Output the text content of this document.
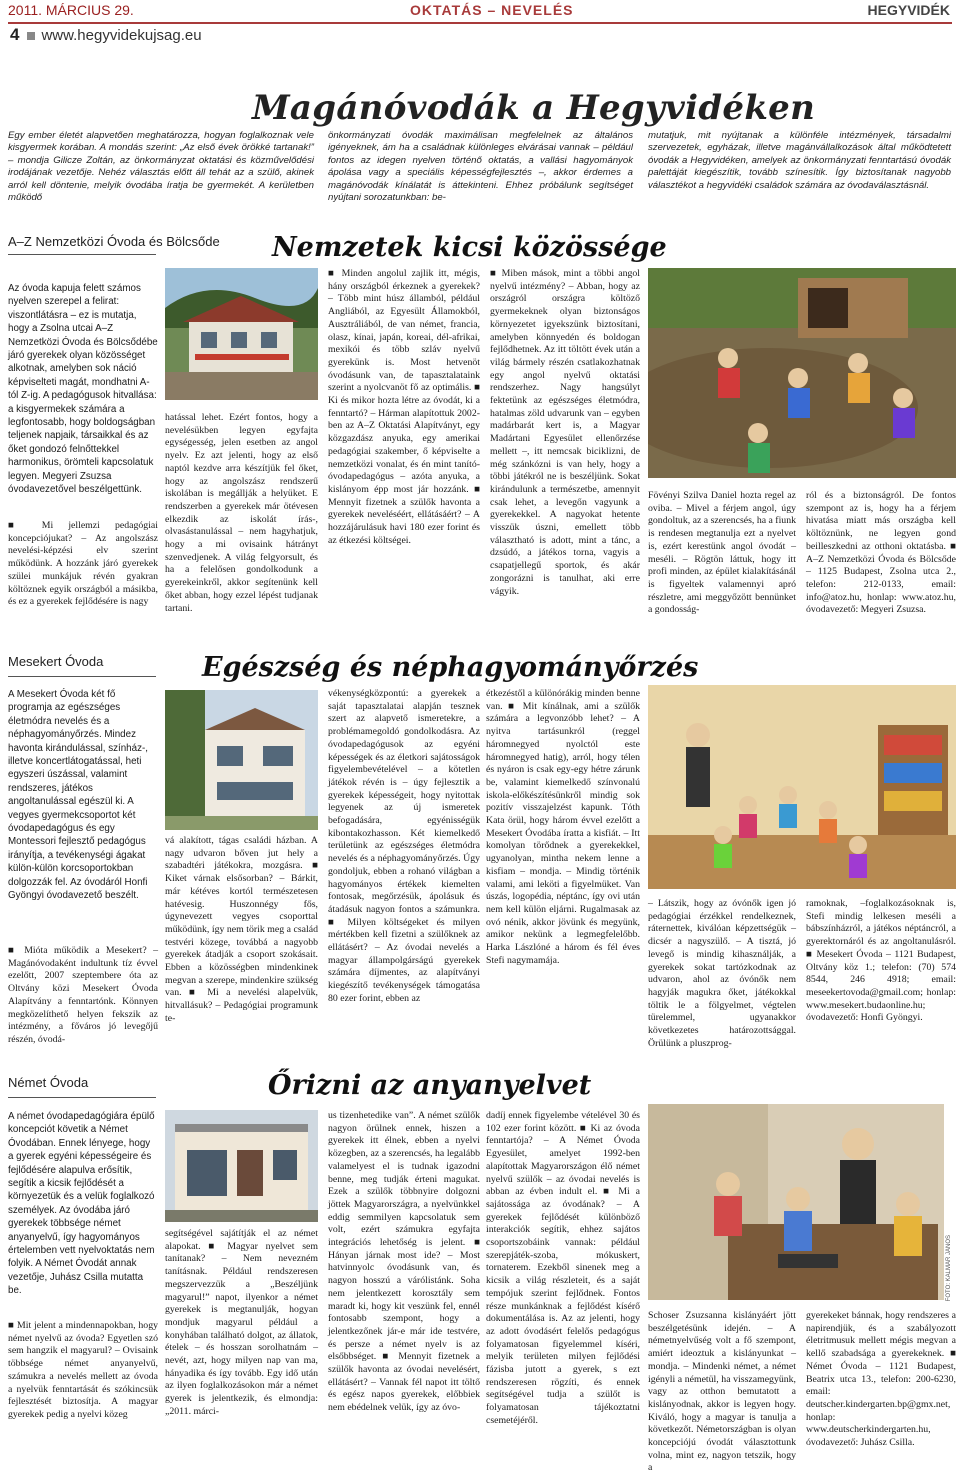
2011. MÁRCIUS 29.	OKTATÁS – NEVELÉS	HEGYVIDÉK
4 www.hegyvidekujsag.eu
Magánóvodák a Hegyvidéken
Egy ember életét alapvetően meghatározza, hogyan foglalkoznak vele kisgyermek korában. A mondás szerint: „Az első évek örökké tartanak!” – mondja Gilicze Zoltán, az önkormányzat oktatási és közművelődési irodájának vezetője. Nehéz választás előtt áll tehát az a szülő, akinek arról kell döntenie, melyik óvodába íratja be gyermekét. A kerületben működő
önkormányzati óvodák maximálisan megfelelnek az általános igényeknek, ám ha a családnak különleges elvárásai vannak – például fontos az idegen nyelven történő oktatás, a vallási hagyományok ápolása vagy a speciális képességfejlesztés –, akkor érdemes a magánóvodák kínálatát is áttekinteni. Ehhez próbálunk segítséget nyújtani sorozatunkban: be-
mutatjuk, mit nyújtanak a különféle intézmények, társadalmi szervezetek, egyházak, illetve magánvállalkozások által működtetett óvodák a Hegyvidéken, amelyek az önkormányzati fenntartású óvodák palettáját kiegészítik, tovább színesítik. Így biztosítanak nagyobb választékot a hegyvidéki családok számára az óvodaválasztásnál.
A–Z Nemzetközi Óvoda és Bölcsőde Nemzetek kicsi közössége
Az óvoda kapuja felett számos nyelven szerepel a felirat: viszontlátásra – ez is mutatja, hogy a Zsolna utcai A–Z Nemzetközi Óvoda és Bölcsődébe járó gyerekek olyan közösséget alkotnak, amelyben sok náció képviselteti magát, mondhatni A-tól Z-ig. A pedagógusok hitvallása: a kisgyermekek számára a legfontosabb, hogy boldogságban teljenek napjaik, társaikkal és az őket gondozó felnőttekkel harmonikus, örömteli kapcsolatuk legyen. Megyeri Zsuzsa óvodavezetővel beszélgettünk.
■ Mi jellemzi pedagógiai koncepciójukat? – Az angolszász nevelési-képzési elv szerint működünk. A hozzánk járó gyerekek szülei munkájuk révén gyakran költöznek egyik országból a másikba, és ez a gyerekek fejlődésére is nagy
hatással lehet. Ezért fontos, hogy a nevelésükben legyen egyfajta egységesség, jelen esetben az angol nyelv. Ez azt jelenti, hogy az első naptól kezdve arra készítjük fel őket, hogy az angolszász rendszerű iskolában is megállják a helyüket. E rendszerben a gyerekek már ötévesen elkezdik az iskolát írás-, olvasástanulással – nem hagyhatjuk, hogy a mi ovisaink hátrányt szenvedjenek. A világ felgyorsult, és ha a felelősen gondolkodunk a gyerekeinkről, akkor segítenünk kell őket abban, hogy ezzel lépést tudjanak tartani.
■ Minden angolul zajlik itt, mégis, hány országból érkeznek a gyerekek? – Több mint húsz államból, például Angliából, az Egyesült Államokból, Ausztráliából, de van német, francia, olasz, kínai, japán, koreai, dél-afrikai, mexikói és több szláv nyelvű gyerekünk is. Most hetvenöt óvodásunk van, de tapasztalataink szerint a nyolcvanöt fő az optimális. ■ Ki és mikor hozta létre az óvodát, ki a fenntartó? – Hárman alapítottuk 2002-ben az A–Z Oktatási Alapítványt, egy közgazdász anyuka, egy amerikai pedagógiai szakember, ő képviselte a nemzetközi vonalat, és én mint tanító-óvodapedagógus – azóta anyuka, a kislányom épp most jár hozzánk. ■ Mennyit fizetnek a szülők havonta a gyerekek neveléséért, ellátásáért? – A hozzájárulásuk havi 180 ezer forint és az étkezési költségei.
■ Miben mások, mint a többi angol nyelvű intézmény? – Abban, hogy az országról országra költöző gyermekeknek olyan biztonságos környezetet igyekszünk biztosítani, amelyben könnyedén és boldogan fejlődhetnek. Az itt töltött évek után a világ bármely részén csatlakozhatnak egy angol nyelvű oktatási rendszerhez. Nagy hangsúlyt fektetünk az egészséges életmódra, hatalmas zöld udvarunk van – egyben madárbarát kert is, a Magyar Madártani Egyesület ellenőrzése mellett –, itt nemcsak biciklizni, de még szánkózni is van hely, hogy a többi játékról ne is beszéljünk. Sokat kirándulunk a természetbe, amennyit csak lehet, a levegőn vagyunk a gyerekekkel. A nagyokat hetente visszük úszni, emellett több választható is adott, mint a tánc, a dzsúdó, a játékos torna, vagyis a csapatjellegű sportok, és akár zongorázni is tanulhat, aki erre vágyik.
Fövényi Szilva Daniel hozta regel az oviba. – Mivel a férjem angol, úgy gondoltuk, az a szerencsés, ha a fiunk is rendesen megtanulja ezt a nyelvet is, ezért kerestünk angol óvodát – meséli. – Rögtön láttuk, hogy itt profi minden, az épület kialakításánál is figyeltek valamennyi apró részletre, ami meggyőzött bennünket a gondosság-
ról és a biztonságról. De fontos szempont az is, hogy ha a férjem hivatása miatt más országba kell költöznünk, ne legyen gond beilleszkedni az otthoni oktatásba. ■ A–Z Nemzetközi Óvoda és Bölcsőde – 1125 Budapest, Zsolna utca 2., telefon: 212-0133, email: info@atoz.hu, honlap: www.atoz.hu, óvodavezető: Megyeri Zsuzsa.
Mesekert Óvoda	Egészség és néphagyományőrzés
A Mesekert Óvoda két fő programja az egészséges életmódra nevelés és a néphagyományőrzés. Mindez havonta kirándulással, színház-, illetve koncertlátogatással, heti egyszeri úszással, valamint rendszeres, játékos angoltanulással egészül ki. A vegyes gyermekcsoportot két óvodapedagógus és egy Montessori fejlesztő pedagógus irányítja, a tevékenységi ágakat külön-külön korcsoportokban dolgozzák fel. Az óvodáról Honfi Gyöngyi óvodavezető beszélt.
■ Mióta működik a Mesekert? – Magánóvodaként indultunk tíz évvel ezelőtt, 2007 szeptembere óta az Oltvány közi Mesekert Óvoda Alapítvány a fenntartónk. Könnyen megközelíthető helyen fekszik az intézmény, a főváros jó levegőjű részén, óvodá-
vá alakított, tágas családi házban. A nagy udvaron bőven jut hely a szabadtéri játékokra, mozgásra. ■ Kiket várnak elsősorban? – Bárkit, már kétéves kortól természetesen hatévesig. Huszonnégy fős, úgynevezett vegyes csoporttal működünk, így nem törik meg a család testvéri közege, továbbá a nagyobb gyerekek átadják a csoport szokásait. Ebben a közösségben mindenkinek megvan a szerepe, mindenkire szükség van. ■ Mi a nevelési alapelvük, hitvallásuk? – Pedagógiai programunk te-
vékenységközpontú: a gyerekek a saját tapasztalatai alapján tesznek szert az alapvető ismeretekre, a problémamegoldó gondolkodásra. Az óvodapedagógusok az egyéni képességek és az életkori sajátosságok figyelembevételével – a kötetlen játékok révén is – úgy fejlesztik a gyerekek képességeit, hogy nyitottak legyenek az új ismeretek befogadására, egyénisségük kibontakozhasson. Két kiemelkedő területünk az egészséges életmódra nevelés és a néphagyományőrzés. Úgy gondoljuk, ebben a rohanó világban a hagyományos értékek kiemelten fontosak, megőrzésük, ápolásuk és átadásuk nagyon fontos a számunkra. ■ Milyen költségeket és milyen mértékben kell fizetni a szülőknek az ellátásért? – Az óvodai nevelés a magyar állampolgárságú gyerekek számára díjmentes, az alapítványi kiegészítő tevékenységek támogatása 80 ezer forint, ebben az
étkezéstől a különórákig minden benne van. ■ Mit kínálnak, ami a szülők számára a legvonzóbb lehet? – A nyitva tartásunkról (reggel háromnegyed nyolctól este háromnegyed hatig), arról, hogy télen és nyáron is csak egy-egy hétre zárunk be, valamint kiemelkedő színvonalú iskola-előkészítésünkről mindig sok pozitív visszajelzést kapunk. Tóth Kata örül, hogy három évvel ezelőtt a Mesekert Óvodába íratta a kisfiát. – Itt komolyan törődnek a gyerekekkel, ugyanolyan, mintha nekem lenne a kisfiam – mondja. – Mindig történik valami, ami leköti a figyelmüket. Van úszás, logopédia, néptánc, így ovi után nem kell külön eljárni. Rugalmasak az ovó nénik, akkor jövünk és megyünk, amikor nekünk a legmegfelelőbb. Harka Lászlóné a három és fél éves Stefi nagymamája.
– Látszik, hogy az óvónők igen jó pedagógiai érzékkel rendelkeznek, ráternettek, kiválóan képzettségük – dicsér a nagyszülő. – A tisztá, jó levegő is mindig kihasználják, a gyerekek sokat tartózkodnak az udvaron, ahol az óvónők nem hagyják magukra őket, játékokkal töltik le a fölgyelmet, végtelen türelemmel, ugyanakkor következetes határozottsággal. Örülünk a pluszprog-
ramoknak, –foglalkozásoknak is, Stefi mindig lelkesen meséli a bábszínházról, a játékos néptáncról, a gyerektornáról és az angoltanulásról. ■ Mesekert Óvoda – 1121 Budapest, Oltvány köz 1.; telefon: (70) 574 8544, 246 4918; email: meseekertovoda@gmail.com; honlap: www.mesekert.budaonline.hu; óvodavezető: Honfi Gyöngyi.
Német Óvoda	Őrizni az anyanyelvet
A német óvodapedagógiára épülő koncepciót követik a Német Óvodában. Ennek lényege, hogy a gyerek egyéni képességeire és fejlődésére alapulva erősítik, segítik a kicsik fejlődését a környezetük és a velük foglalkozó személyek. Az óvodába járó gyerekek többsége német anyanyelvű, így hagyományos értelemben vett nyelvoktatás nem folyik. A Német Óvodát annak vezetője, Juhász Csilla mutatta be.
■ Mit jelent a mindennapokban, hogy német nyelvű az óvoda? Egyetlen szó sem hangzik el magyarul? – Ovisaink többsége német anyanyelvű, számukra a nevelés mellett az óvoda a nyelvük fenntartását és szókincsük fejlesztését biztosítja. A magyar gyerekek pedig a nyelvi közeg
segítségével sajátítják el az német alapokat. ■ Magyar nyelvet sem tanítanak? – Nem nevezném tanításnak. Például rendszeresen megszervezzük a „Beszéljünk magyarul!” napot, ilyenkor a német gyerekek is megtanulják, hogyan mondjuk magyarul például a konyhában található dolgot, az állatok, ételek – és hosszan sorolhatnám – nevét, azt, hogy milyen nap van ma, hányadika és így tovább. Egy idő után az ilyen foglalkozásokon már a német gyerek is jelentkezik, és elmondja: „2011. márci-
us tizenhetedike van”. A német szülők nagyon örülnek ennek, hiszen a gyerekek itt élnek, ebben a nyelvi közegben, az a szerencsés, ha legalább valamelyest el is tudnak igazodni benne, meg tudják érteni magukat. Ezek a szülők többnyire dolgozni jöttek Magyarországra, a nyelvünkkel eddig semmilyen kapcsolatuk sem volt, ezért számukra egyfajta integrációs lehetőség is jelent. ■ Hányan járnak most ide? – Most hatvinnyolc óvodásunk van, és nagyon hosszú a várólistánk. Soha nem jelentkezett korosztály sem maradt ki, hogy kit veszünk fel, ennél fontosabb szempont, hogy a jelentkezőnek jár-e már ide testvére, és persze a német nyelv is az elsőbbséget. ■ Mennyit fizetnek a szülők havonta az óvodai nevelésért, ellátásért? – Vannak fél napot itt töltő és egész napos gyerekek, előbbiek nem ebédelnek velük, így az óvo-
dadíj ennek figyelembe vételével 30 és 102 ezer forint között. ■ Ki az óvoda fenntartója? – A Német Óvoda Egyesület, amelyet 1992-ben alapítottak Magyarországon élő német nyelvű szülők – az óvodai nevelés is abban az évben indult el. ■ Mi a sajátossága az óvodának? – A gyerekek fejlődését különböző interakciók segítik, ehhez sajátos csoportszobáink vannak: például szerepjáték-szoba, mókuskert, tornaterem. Ezekből sinenek meg a kicsik a világ részleteit, és a saját tempójuk szerint fejlődnek. Fontos része munkánknak a fejlődést kísérő dokumentálása is. Az az jelenti, hogy az adott óvodásért felelős pedagógus folyamatosan figyelemmel kíséri, melyik területen milyen fejlődési fázisba jutott a gyerek, s ezt rendszeresen rögzíti, és ennek segítségével tudja a szülőt is folyamatosan tájékoztatni csemetéjéről.
FOTÓ: KALMÁR JÁNOS
Schoser Zsuzsanna kislányáért jött beszélgetésünk idején. – A németnyelvűség volt a fő szempont, amiért ideoztuk a kislányunkat – mondja. – Mindenki német, a német igényli a németül, ha visszamegyünk, vagy az otthon bemutatott a kislányodnak, akkor is legyen hogy. Kiváló, hogy a magyar is tanulja a következőt. Németországban is olyan koncepciójú óvodát választottunk volna, mint ez, nagyon tetszik, hogy a
gyerekeket bánnak, hogy rendszeres a napirendjük, és a szabályozott életritmusuk mellett mégis megvan a kellő szabadsága a gyerekeknek. ■ Német Óvoda – 1121 Budapest, Beatrix utca 13., telefon: 200-6230, email: deutscher.kindergarten.bp@gmx.net, honlap: www.deutscherkindergarten.hu, óvodavezető: Juhász Csilla.
